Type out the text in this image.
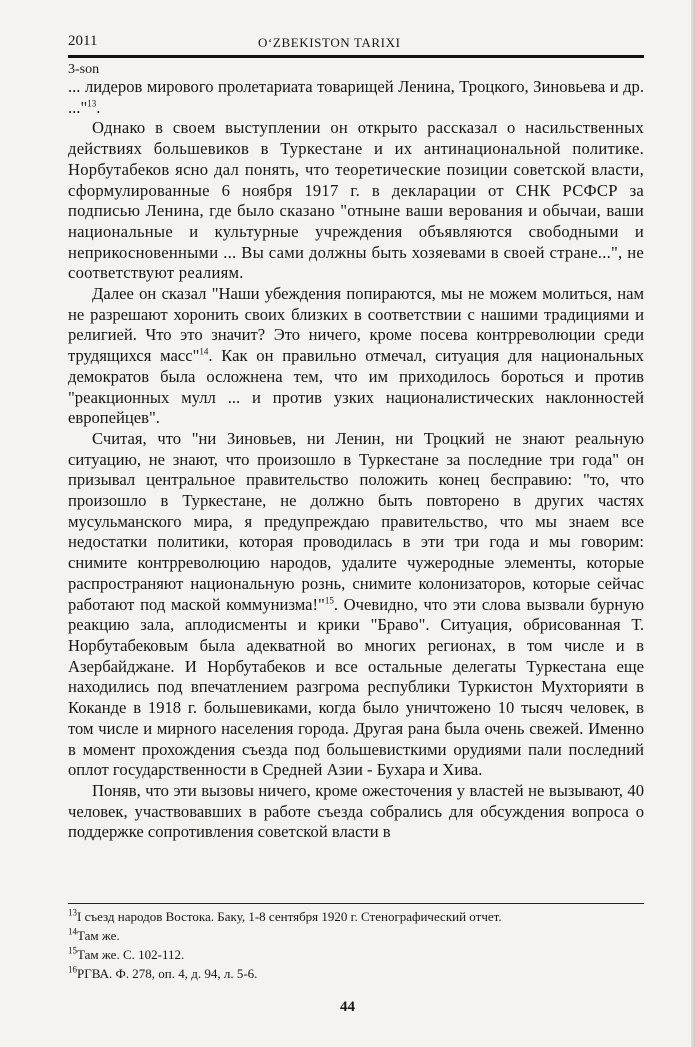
2011	O‘ZBEKISTON TARIXI
3-son

... лидеров мирового пролетариата товарищей Ленина, Троцкого, Зиновьева и др. ..."$^{13}$.

Однако в своем выступлении он открыто рассказал о насильственных действиях большевиков в Туркестане и их антинациональной политике. Норбутабеков ясно дал понять, что теоретические позиции советской власти, сформулированные 6 ноября 1917 г. в декларации от СНК РСФСР за подписью Ленина, где было сказано "отныне ваши верования и обычаи, ваши национальные и культурные учреждения объявляются свободными и неприкосновенными ... Вы сами должны быть хозяевами в своей стране...", не соответствуют реалиям.

Далее он сказал "Наши убеждения попираются, мы не можем молиться, нам не разрешают хоронить своих близких в соответствии с нашими традициями и религией. Что это значит? Это ничего, кроме посева контрреволюции среди трудящихся масс"$^{14}$. Как он правильно отмечал, ситуация для национальных демократов была осложнена тем, что им приходилось бороться и против "реакционных мулл ... и против узких националистических наклонностей европейцев".

Считая, что "ни Зиновьев, ни Ленин, ни Троцкий не знают реальную ситуацию, не знают, что произошло в Туркестане за последние три года" он призывал центральное правительство положить конец бесправию: "то, что произошло в Туркестане, не должно быть повторено в других частях мусульманского мира, я предупреждаю правительство, что мы знаем все недостатки политики, которая проводилась в эти три года и мы говорим: снимите контрреволюцию народов, удалите чужеродные элементы, которые распространяют национальную рознь, снимите колонизаторов, которые сейчас работают под маской коммунизма!"$^{15}$. Очевидно, что эти слова вызвали бурную реакцию зала, аплодисменты и крики "Браво". Ситуация, обрисованная Т. Норбутабековым была адекватной во многих регионах, в том числе и в Азербайджане. И Норбутабеков и все остальные делегаты Туркестана еще находились под впечатлением разгрома республики Туркистон Мухторияти в Коканде в 1918 г. большевиками, когда было уничтожено 10 тысяч человек, в том числе и мирного населения города. Другая рана была очень свежей. Именно в момент прохождения съезда под большевисткими орудиями пали последний оплот государственности в Средней Азии - Бухара и Хива.

Поняв, что эти вызовы ничего, кроме ожесточения у властей не вызывают, 40 человек, участвовавших в работе съезда собрались для обсуждения вопроса о поддержке сопротивления советской власти в

$^{13}$I съезд народов Востока. Баку, 1-8 сентября 1920 г. Стенографический отчет.
$^{14}$Там же.
$^{15}$Там же. С. 102-112.
$^{16}$РГВА. Ф. 278, оп. 4, д. 94, л. 5-6.
44
